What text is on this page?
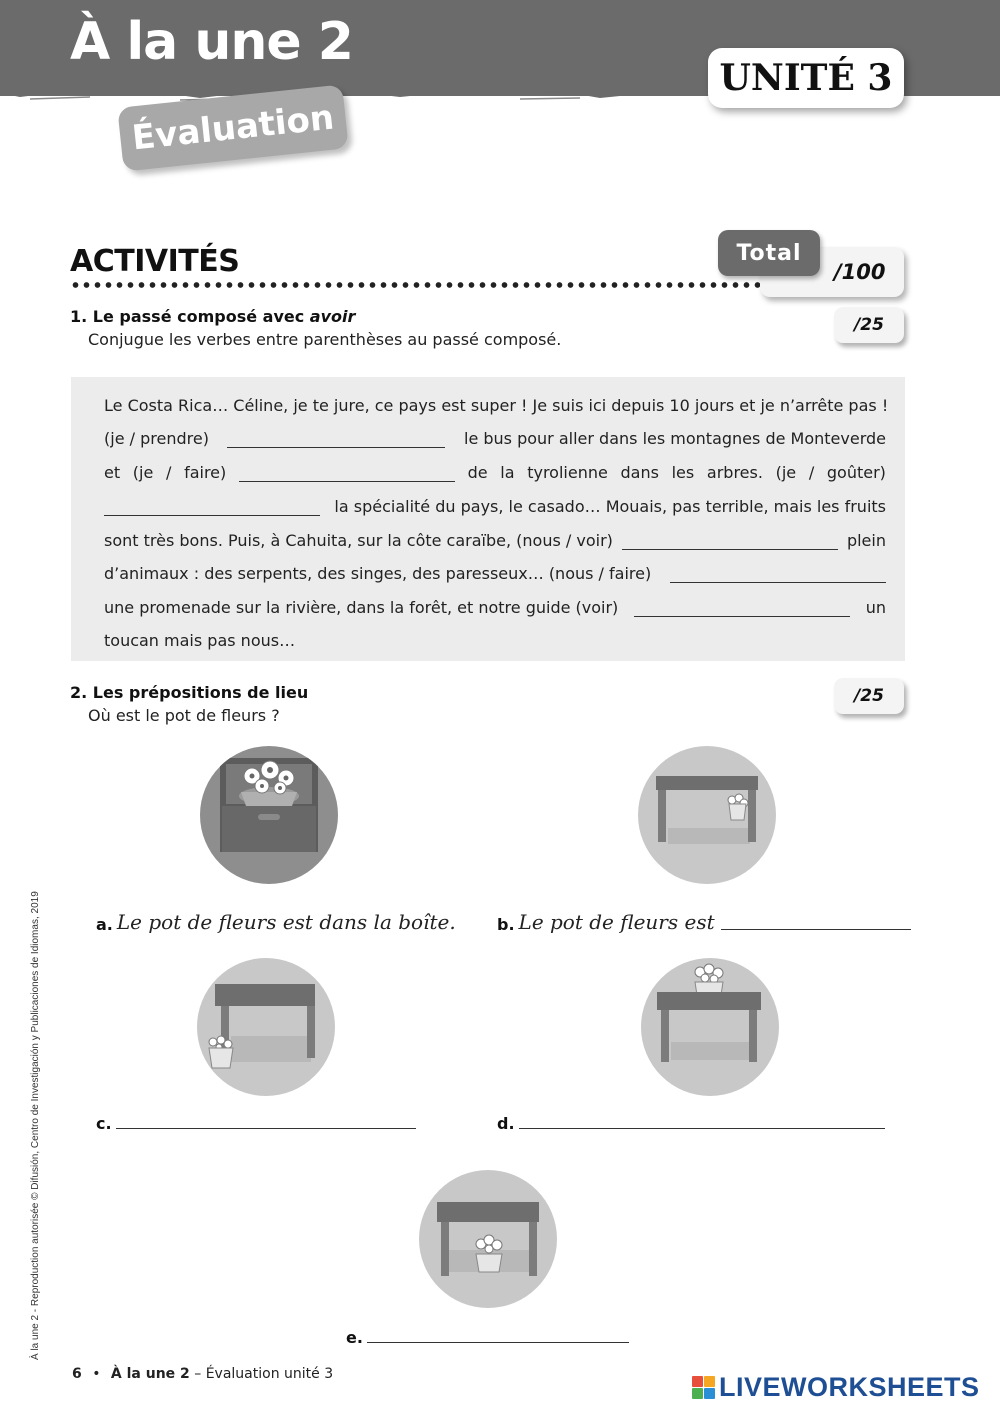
À la une 2
Évaluation
UNITÉ 3
ACTIVITÉS	/100
Total
1. Le passé composé avec avoir
Conjugue les verbes entre parenthèses au passé composé.
/25
Le Costa Rica… Céline, je te jure, ce pays est super ! Je suis ici depuis 10 jours et je n’arrête pas !
(je / prendre)	le bus pour aller dans les montagnes de Monteverde
et (je / faire)	de la tyrolienne dans les arbres. (je / goûter)
la spécialité du pays, le casado… Mouais, pas terrible, mais les fruits
sont très bons. Puis, à Cahuita, sur la côte caraïbe, (nous / voir)	plein
d’animaux : des serpents, des singes, des paresseux… (nous / faire)
une promenade sur la rivière, dans la forêt, et notre guide (voir)	un
toucan mais pas nous…
2. Les prépositions de lieu
Où est le pot de fleurs ?
/25
a. Le pot de fleurs est dans la boîte.	b. Le pot de fleurs est
c.	d.
e.
À la une 2 - Reproduction autorisée © Difusión, Centro de Investigación y Publicaciones de Idiomas, 2019
6 • À la une 2 – Évaluation unité 3	LIVEWORKSHEETS
